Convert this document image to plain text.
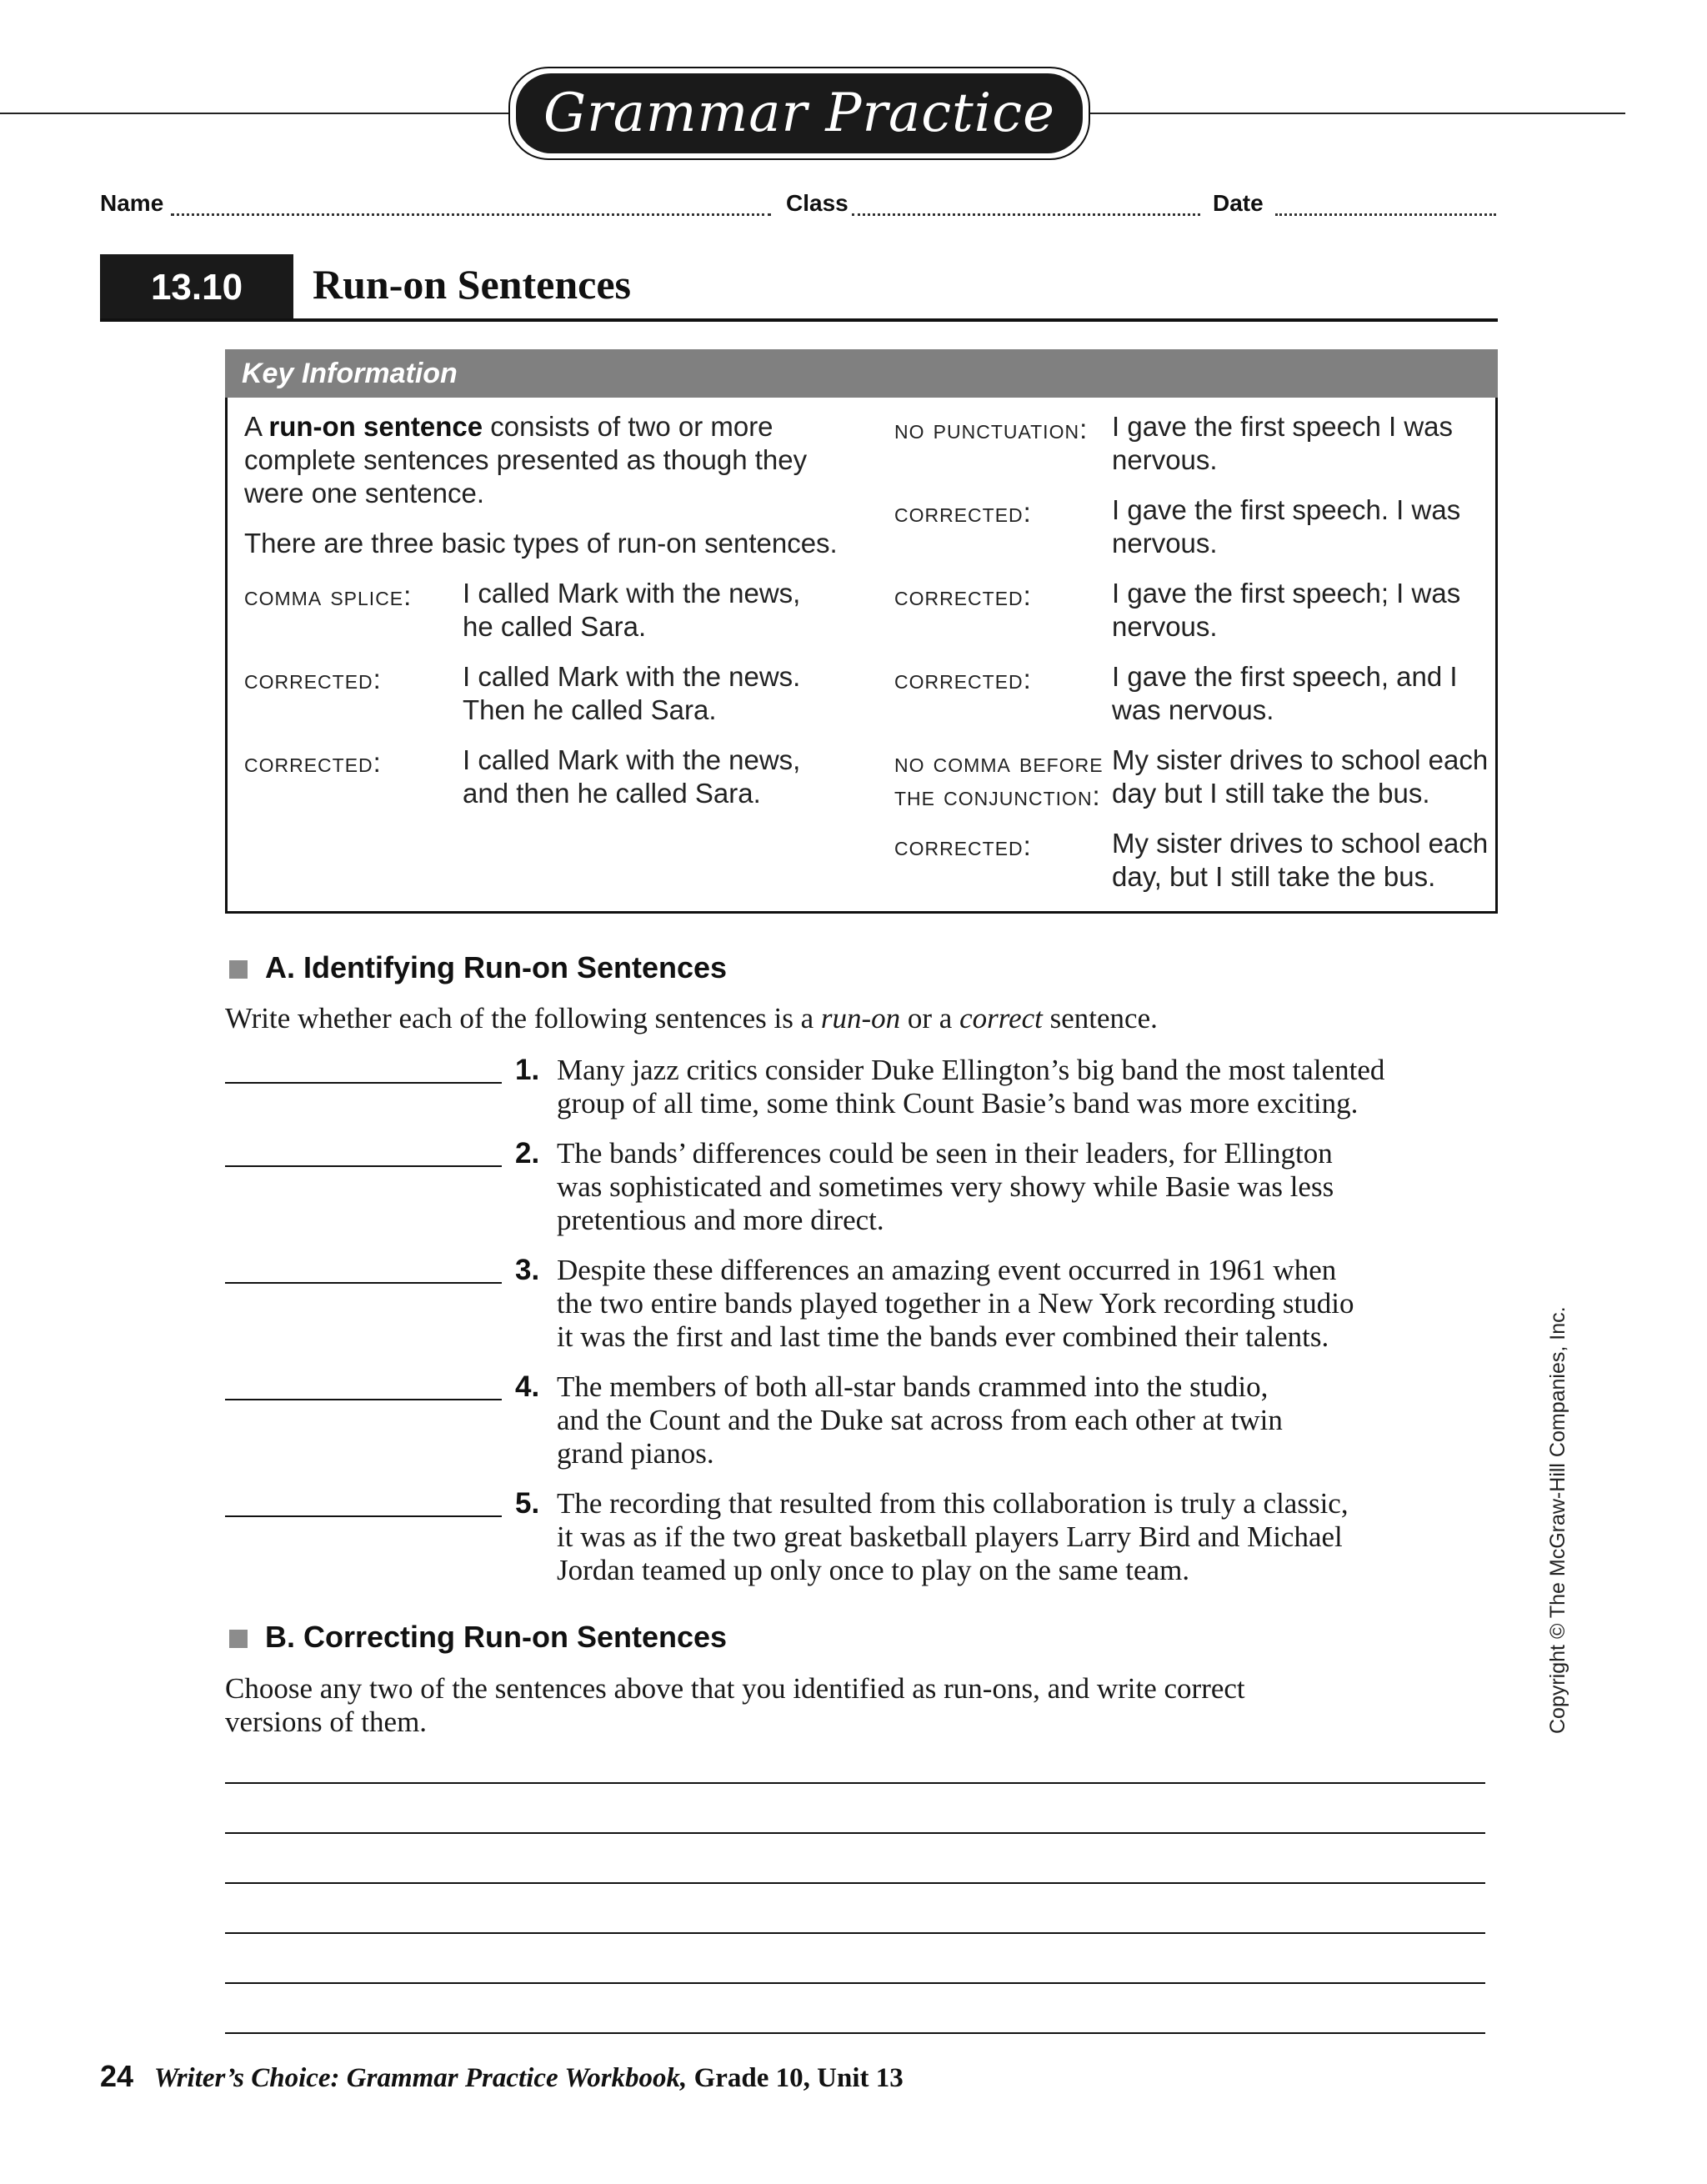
Grammar Practice
Name	Class	Date
13.10	Run-on Sentences
Key Information
A run-on sentence consists of two or more
complete sentences presented as though they
were one sentence.
There are three basic types of run-on sentences.
comma splice: I called Mark with the news,
he called Sara.
corrected:	I called Mark with the news.
Then he called Sara.
corrected:	I called Mark with the news,
and then he called Sara.
no punctuation: I gave the first speech I was
nervous.
corrected:	I gave the first speech. I was
nervous.
corrected:	I gave the first speech; I was
nervous.
corrected:	I gave the first speech, and I
was nervous.
no comma before
the conjunction:
My sister drives to school each
day but I still take the bus.
corrected:	My sister drives to school each
day, but I still take the bus.
A. Identifying Run-on Sentences
Write whether each of the following sentences is a run-on or a correct sentence.
1. Many jazz critics consider Duke Ellington’s big band the most talented
group of all time, some think Count Basie’s band was more exciting.
2. The bands’ differences could be seen in their leaders, for Ellington
was sophisticated and sometimes very showy while Basie was less
pretentious and more direct.
3. Despite these differences an amazing event occurred in 1961 when
the two entire bands played together in a New York recording studio
it was the first and last time the bands ever combined their talents.
4. The members of both all-star bands crammed into the studio,
and the Count and the Duke sat across from each other at twin
grand pianos.
5. The recording that resulted from this collaboration is truly a classic,
it was as if the two great basketball players Larry Bird and Michael
Jordan teamed up only once to play on the same team.
B. Correcting Run-on Sentences
Choose any two of the sentences above that you identified as run-ons, and write correct
versions of them.	Copyright © The McGraw-Hill Companies, Inc.
24 Writer’s Choice: Grammar Practice Workbook, Grade 10, Unit 13
